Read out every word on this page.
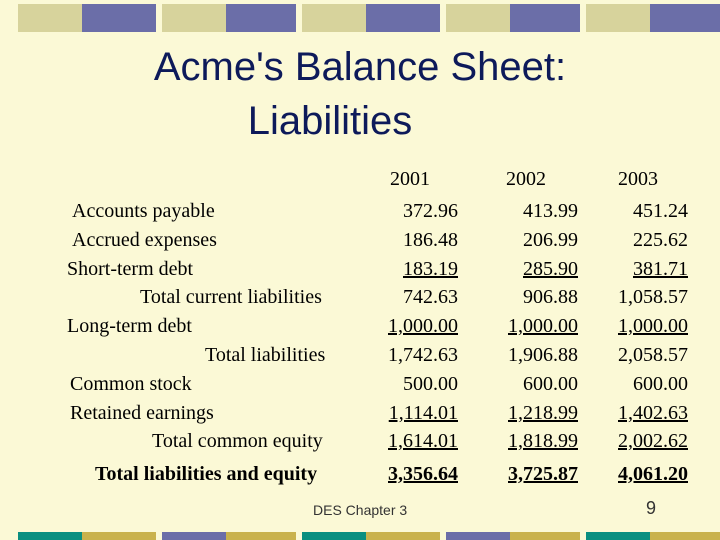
Acme's Balance Sheet:
Liabilities
2001	2002	2003
Accounts payable	372.96	413.99	451.24
Accrued expenses	186.48	206.99	225.62
Short-term debt	183.19	285.90	381.71
Total current liabilities	742.63	906.88 1,058.57
Long-term debt	1,000.00	1,000.00 1,000.00
Total liabilities	1,742.63	1,906.88 2,058.57
Common stock	500.00	600.00	600.00
Retained earnings	1,114.01	1,218.99 1,402.63
Total common equity	1,614.01	1,818.99 2,002.62
Total liabilities and equity	3,356.64	3,725.87 4,061.20
DES Chapter 3	9
